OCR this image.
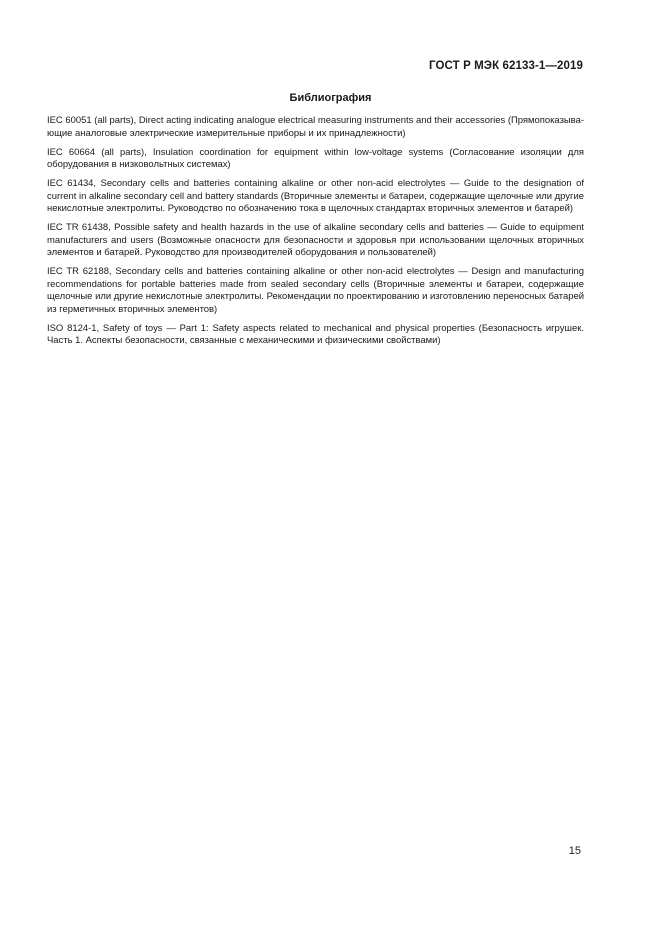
ГОСТ Р МЭК 62133-1—2019
Библиография

IEC 60051 (all parts), Direct acting indicating analogue electrical measuring instruments and their accessories (Прямопоказывающие аналоговые электрические измерительные приборы и их принадлежности)

IEC 60664 (all parts), Insulation coordination for equipment within low-voltage systems (Согласование изоляции для оборудования в низковольтных системах)

IEC 61434, Secondary cells and batteries containing alkaline or other non-acid electrolytes — Guide to the designation of current in alkaline secondary cell and battery standards (Вторичные элементы и батареи, содержащие щелочные или другие некислотные электролиты. Руководство по обозначению тока в щелочных стандартах вторичных элементов и батарей)

IEC TR 61438, Possible safety and health hazards in the use of alkaline secondary cells and batteries — Guide to equipment manufacturers and users (Возможные опасности для безопасности и здоровья при использовании щелочных вторичных элементов и батарей. Руководство для производителей оборудования и пользователей)

IEC TR 62188, Secondary cells and batteries containing alkaline or other non-acid electrolytes — Design and manufacturing recommendations for portable batteries made from sealed secondary cells (Вторичные элементы и батареи, содержащие щелочные или другие некислотные электролиты. Рекомендации по проектированию и изготовлению переносных батарей из герметичных вторичных элементов)

ISO 8124-1, Safety of toys — Part 1: Safety aspects related to mechanical and physical properties (Безопасность игрушек. Часть 1. Аспекты безопасности, связанные с механическими и физическими свойствами)

15
